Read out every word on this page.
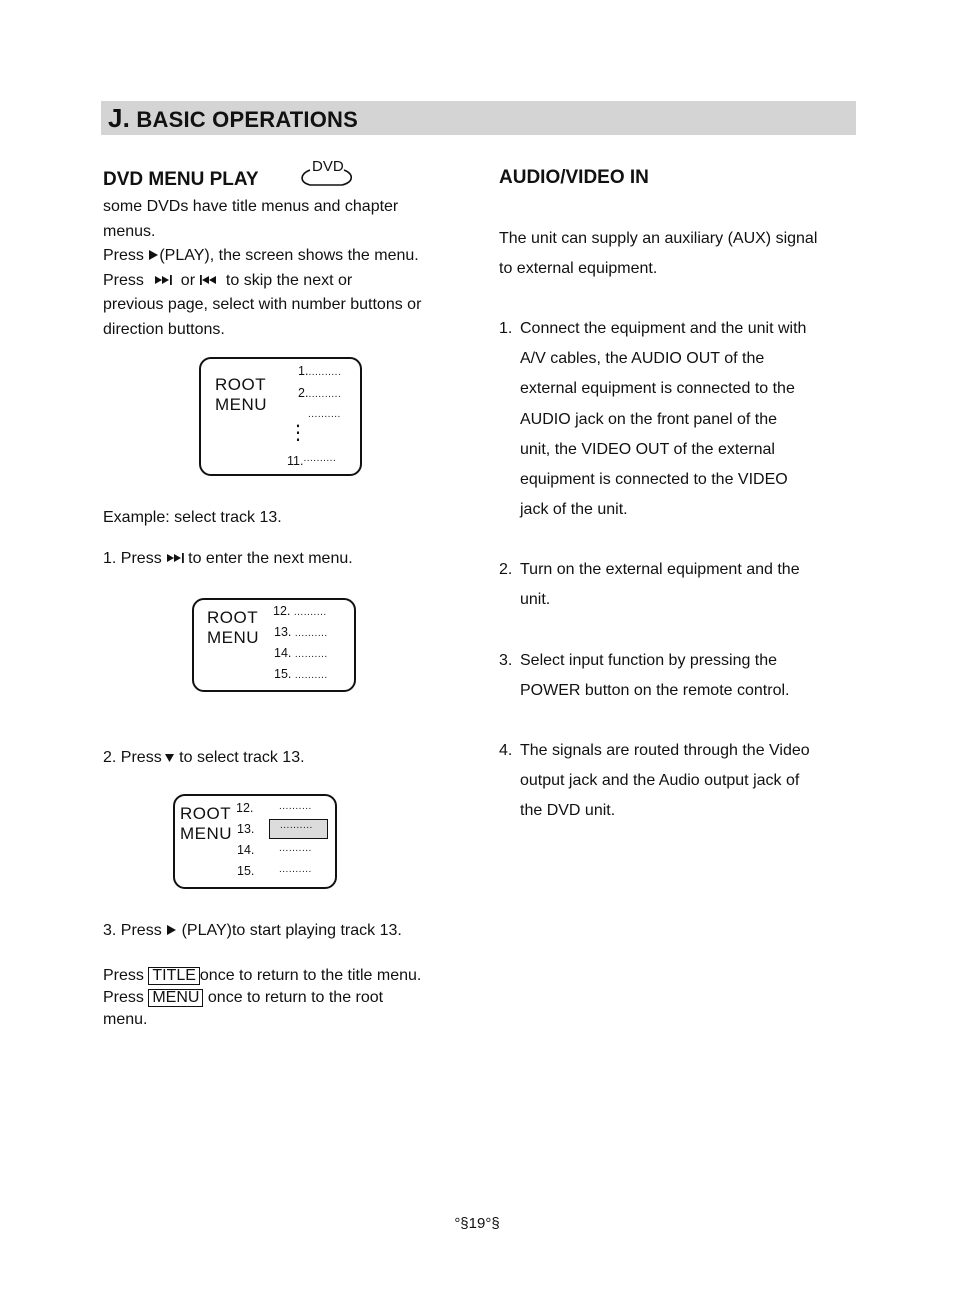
J. BASIC OPERATIONS
DVD MENU PLAY
DVD
some DVDs have title menus and chapter
menus.
Press (PLAY), the screen shows the menu.
Press  or  to skip the next or
previous page, select with number buttons or
direction buttons.
ROOT
MENU
1...........
2...........
..........
⋮
11...........
Example: select track 13.
1. Press to enter the next menu.
ROOT
MENU
12. ..........
13. ..........
14. ..........
15. ..........
2. Press to select track 13.
ROOT
MENU
12.
13.
14.
15.
..........
..........
..........
..........
3. Press  (PLAY)to start playing track 13.
Press TITLE once to return to the title menu.
Press MENU once to return to the root
menu.
AUDIO/VIDEO IN
The unit can supply an auxiliary (AUX) signal
to external equipment.
1. Connect the equipment and the unit with
A/V cables, the AUDIO OUT of the
external equipment is connected to the
AUDIO jack on the front panel of the
unit, the VIDEO OUT of the external
equipment is connected to the VIDEO
jack of the unit.
2. Turn on the external equipment and the
unit.
3. Select input function by pressing the
POWER button on the remote control.
4. The signals are routed through the Video
output jack and the Audio output jack of
the DVD unit.
°§19°§
